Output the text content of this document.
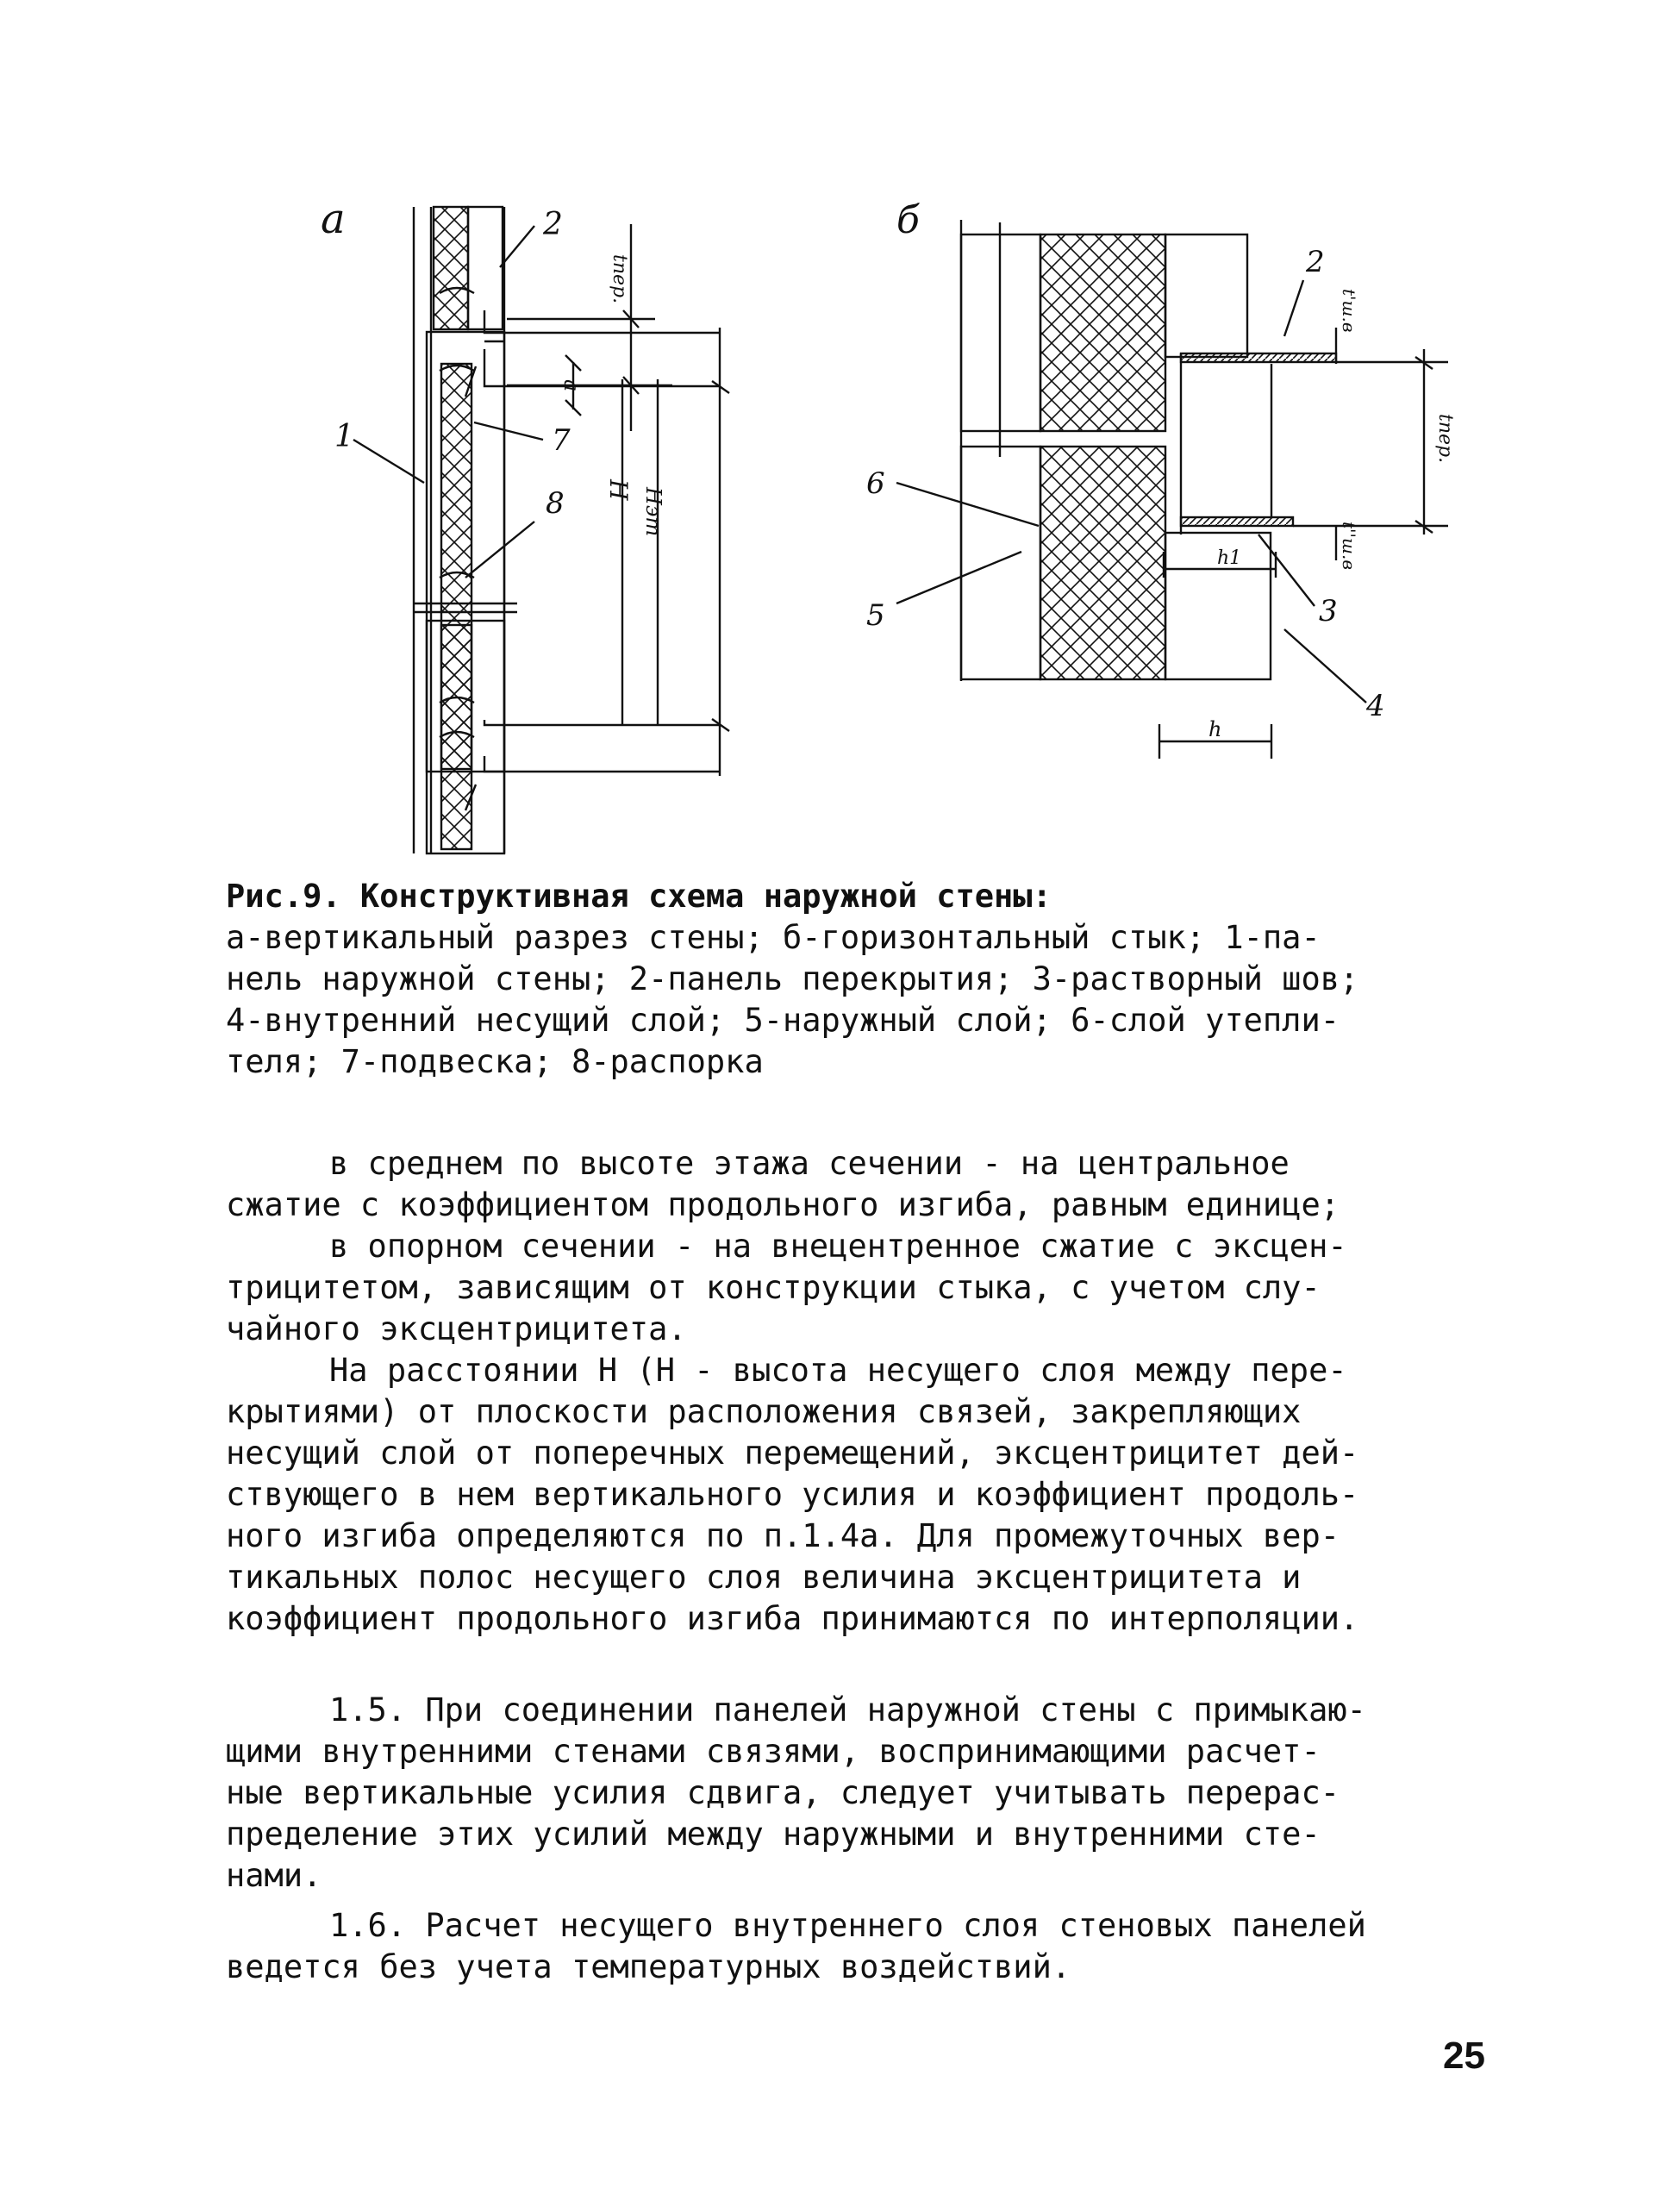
а
1
2
7
8
tпер.
a
H Hэт
б
2
3
4
5
6
t'ш.в
tпер.
t''ш.в
h1
h

Рис.9. Конструктивная схема наружной стены:

а-вертикальный разрез стены; б-горизонтальный стык; 1-па-

нель наружной стены; 2-панель перекрытия; 3-растворный шов;

4-внутренний несущий слой; 5-наружный слой; 6-слой утепли-

теля; 7-подвеска; 8-распорка

в среднем по высоте этажа сечении - на центральное

сжатие с коэффициентом продольного изгиба, равным единице;

в опорном сечении - на внецентренное сжатие с эксцен-

трицитетом, зависящим от конструкции стыка, с учетом слу-

чайного эксцентрицитета.

На расстоянии H (H - высота несущего слоя между пере-

крытиями) от плоскости расположения связей, закрепляющих

несущий слой от поперечных перемещений, эксцентрицитет дей-

ствующего в нем вертикального усилия и коэффициент продоль-

ного изгиба определяются по п.1.4а. Для промежуточных вер-

тикальных полос несущего слоя величина эксцентрицитета и

коэффициент продольного изгиба принимаются по интерполяции.

1.5. При соединении панелей наружной стены с примыкаю-

щими внутренними стенами связями, воспринимающими расчет-

ные вертикальные усилия сдвига, следует учитывать перерас-

пределение этих усилий между наружными и внутренними сте-

нами.

1.6. Расчет несущего внутреннего слоя стеновых панелей

ведется без учета температурных воздействий.

25
